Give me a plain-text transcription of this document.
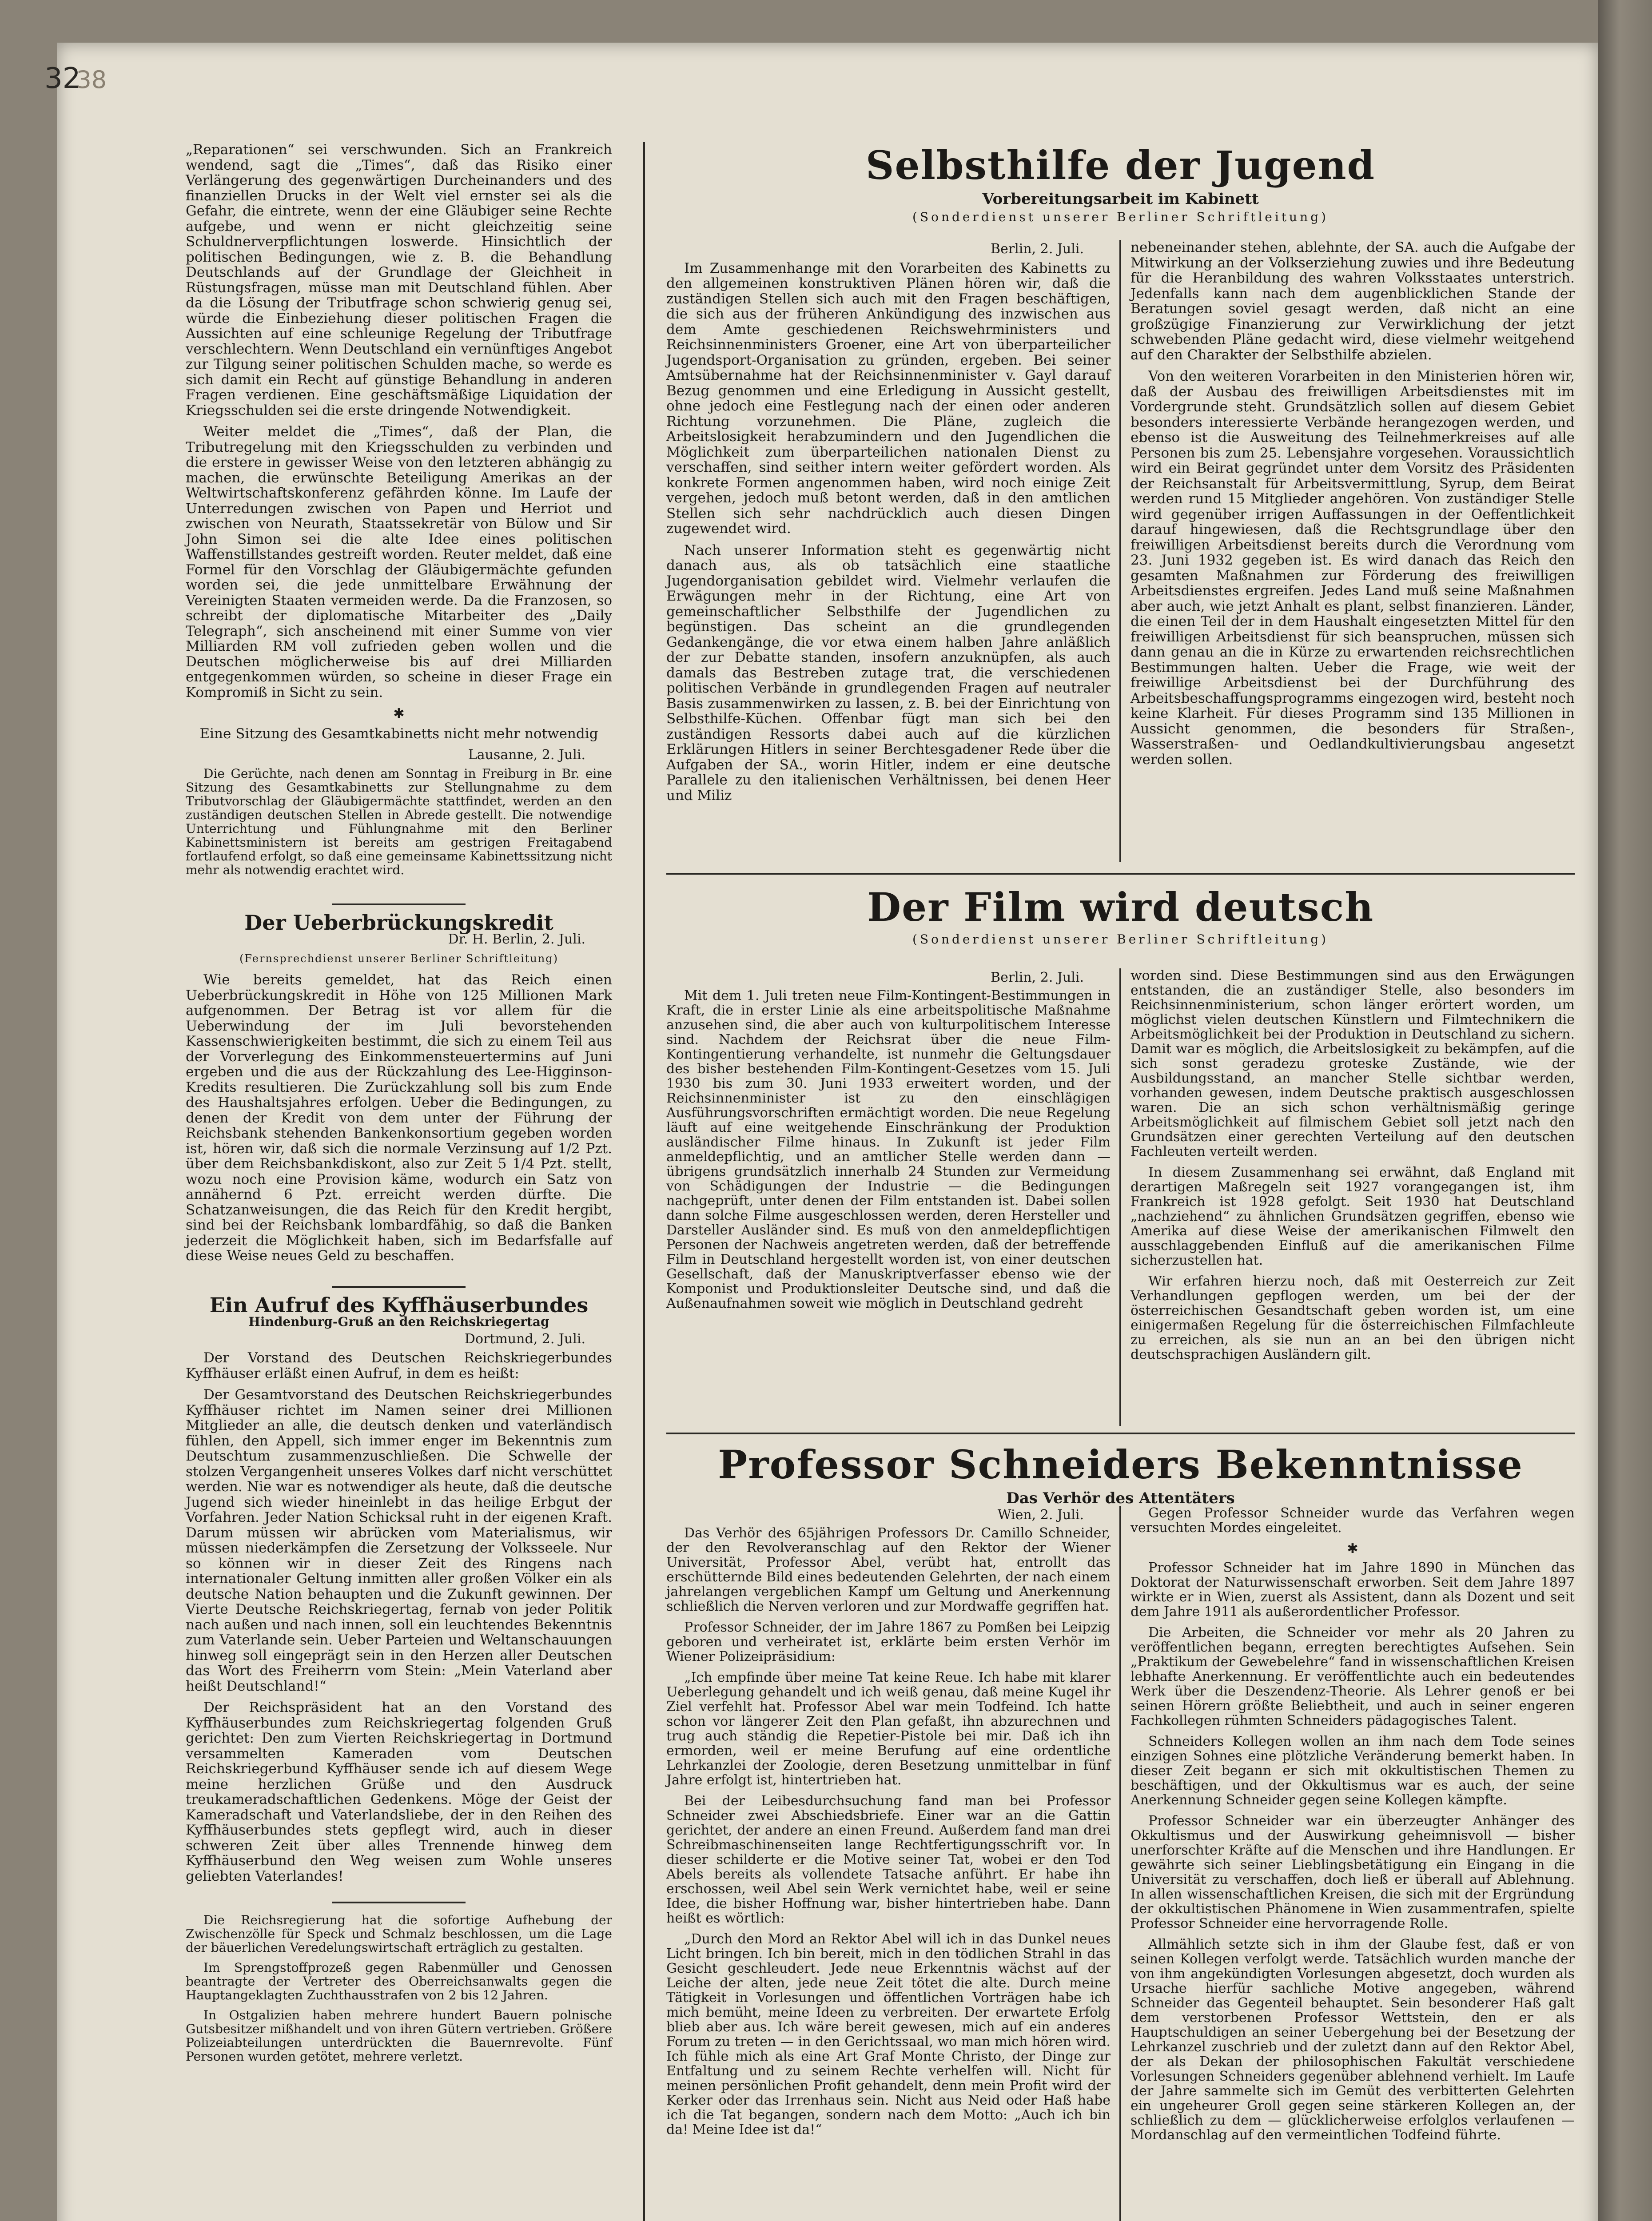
3238

„Reparationen“ sei verschwunden. Sich an Frankreich wendend, sagt die „Times“, daß das Risiko einer Verlängerung des gegenwärtigen Durcheinanders und des finanziellen Drucks in der Welt viel ernster sei als die Gefahr, die eintrete, wenn der eine Gläubiger seine Rechte aufgebe, und wenn er nicht gleichzeitig seine Schuldnerverpflichtungen loswerde. Hinsichtlich der politischen Bedingungen, wie z. B. die Behandlung Deutschlands auf der Grundlage der Gleichheit in Rüstungsfragen, müsse man mit Deutschland fühlen. Aber da die Lösung der Tributfrage schon schwierig genug sei, würde die Einbeziehung dieser politischen Fragen die Aussichten auf eine schleunige Regelung der Tributfrage verschlechtern. Wenn Deutschland ein vernünftiges Angebot zur Tilgung seiner politischen Schulden mache, so werde es sich damit ein Recht auf günstige Behandlung in anderen Fragen verdienen. Eine geschäftsmäßige Liquidation der Kriegsschulden sei die erste dringende Notwendigkeit.

Weiter meldet die „Times“, daß der Plan, die Tributregelung mit den Kriegsschulden zu verbinden und die erstere in gewisser Weise von den letzteren abhängig zu machen, die erwünschte Beteiligung Amerikas an der Weltwirtschaftskonferenz gefährden könne. Im Laufe der Unterredungen zwischen von Papen und Herriot und zwischen von Neurath, Staatssekretär von Bülow und Sir John Simon sei die alte Idee eines politischen Waffenstillstandes gestreift worden. Reuter meldet, daß eine Formel für den Vorschlag der Gläubigermächte gefunden worden sei, die jede unmittelbare Erwähnung der Vereinigten Staaten vermeiden werde. Da die Franzosen, so schreibt der diplomatische Mitarbeiter des „Daily Telegraph“, sich anscheinend mit einer Summe von vier Milliarden RM voll zufrieden geben wollen und die Deutschen möglicherweise bis auf drei Milliarden entgegenkommen würden, so scheine in dieser Frage ein Kompromiß in Sicht zu sein.

✱

Eine Sitzung des Gesamtkabinetts nicht mehr notwendig

Lausanne, 2. Juli.

Die Gerüchte, nach denen am Sonntag in Freiburg in Br. eine Sitzung des Gesamtkabinetts zur Stellungnahme zu dem Tributvorschlag der Gläubigermächte stattfindet, werden an den zuständigen deutschen Stellen in Abrede gestellt. Die notwendige Unterrichtung und Fühlungnahme mit den Berliner Kabinettsministern ist bereits am gestrigen Freitagabend fortlaufend erfolgt, so daß eine gemeinsame Kabinettssitzung nicht mehr als notwendig erachtet wird.

Der Ueberbrückungskredit
Dr. H. Berlin, 2. Juli.
(Fernsprechdienst unserer Berliner Schriftleitung)

Wie bereits gemeldet, hat das Reich einen Ueberbrückungskredit in Höhe von 125 Millionen Mark aufgenommen. Der Betrag ist vor allem für die Ueberwindung der im Juli bevorstehenden Kassenschwierigkeiten bestimmt, die sich zu einem Teil aus der Vorverlegung des Einkommensteuertermins auf Juni ergeben und die aus der Rückzahlung des Lee-Higginson-Kredits resultieren. Die Zurückzahlung soll bis zum Ende des Haushaltsjahres erfolgen. Ueber die Bedingungen, zu denen der Kredit von dem unter der Führung der Reichsbank stehenden Bankenkonsortium gegeben worden ist, hören wir, daß sich die normale Verzinsung auf 1/2 Pzt. über dem Reichsbankdiskont, also zur Zeit 5 1/4 Pzt. stellt, wozu noch eine Provision käme, wodurch ein Satz von annähernd 6 Pzt. erreicht werden dürfte. Die Schatzanweisungen, die das Reich für den Kredit hergibt, sind bei der Reichsbank lombardfähig, so daß die Banken jederzeit die Möglichkeit haben, sich im Bedarfsfalle auf diese Weise neues Geld zu beschaffen.

Ein Aufruf des Kyffhäuserbundes
Hindenburg-Gruß an den Reichskriegertag
Dortmund, 2. Juli.

Der Vorstand des Deutschen Reichskriegerbundes Kyffhäuser erläßt einen Aufruf, in dem es heißt:

Der Gesamtvorstand des Deutschen Reichskriegerbundes Kyffhäuser richtet im Namen seiner drei Millionen Mitglieder an alle, die deutsch denken und vaterländisch fühlen, den Appell, sich immer enger im Bekenntnis zum Deutschtum zusammenzuschließen. Die Schwelle der stolzen Vergangenheit unseres Volkes darf nicht verschüttet werden. Nie war es notwendiger als heute, daß die deutsche Jugend sich wieder hineinlebt in das heilige Erbgut der Vorfahren. Jeder Nation Schicksal ruht in der eigenen Kraft. Darum müssen wir abrücken vom Materialismus, wir müssen niederkämpfen die Zersetzung der Volksseele. Nur so können wir in dieser Zeit des Ringens nach internationaler Geltung inmitten aller großen Völker ein als deutsche Nation behaupten und die Zukunft gewinnen. Der Vierte Deutsche Reichskriegertag, fernab von jeder Politik nach außen und nach innen, soll ein leuchtendes Bekenntnis zum Vaterlande sein. Ueber Parteien und Weltanschauungen hinweg soll eingeprägt sein in den Herzen aller Deutschen das Wort des Freiherrn vom Stein: „Mein Vaterland aber heißt Deutschland!“

Der Reichspräsident hat an den Vorstand des Kyffhäuserbundes zum Reichskriegertag folgenden Gruß gerichtet: Den zum Vierten Reichskriegertag in Dortmund versammelten Kameraden vom Deutschen Reichskriegerbund Kyffhäuser sende ich auf diesem Wege meine herzlichen Grüße und den Ausdruck treukameradschaftlichen Gedenkens. Möge der Geist der Kameradschaft und Vaterlandsliebe, der in den Reihen des Kyffhäuserbundes stets gepflegt wird, auch in dieser schweren Zeit über alles Trennende hinweg dem Kyffhäuserbund den Weg weisen zum Wohle unseres geliebten Vaterlandes!

Die Reichsregierung hat die sofortige Aufhebung der Zwischenzölle für Speck und Schmalz beschlossen, um die Lage der bäuerlichen Veredelungswirtschaft erträglich zu gestalten.

Im Sprengstoffprozeß gegen Rabenmüller und Genossen beantragte der Vertreter des Oberreichsanwalts gegen die Hauptangeklagten Zuchthausstrafen von 2 bis 12 Jahren.

In Ostgalizien haben mehrere hundert Bauern polnische Gutsbesitzer mißhandelt und von ihren Gütern vertrieben. Größere Polizeiabteilungen unterdrückten die Bauernrevolte. Fünf Personen wurden getötet, mehrere verletzt.

Selbsthilfe der Jugend
Vorbereitungsarbeit im Kabinett
(Sonderdienst unserer Berliner Schriftleitung)
Berlin, 2. Juli.

Im Zusammenhange mit den Vorarbeiten des Kabinetts zu den allgemeinen konstruktiven Plänen hören wir, daß die zuständigen Stellen sich auch mit den Fragen beschäftigen, die sich aus der früheren Ankündigung des inzwischen aus dem Amte geschiedenen Reichswehrministers und Reichsinnenministers Groener, eine Art von überparteilicher Jugendsport-Organisation zu gründen, ergeben. Bei seiner Amtsübernahme hat der Reichsinnenminister v. Gayl darauf Bezug genommen und eine Erledigung in Aussicht gestellt, ohne jedoch eine Festlegung nach der einen oder anderen Richtung vorzunehmen. Die Pläne, zugleich die Arbeitslosigkeit herabzumindern und den Jugendlichen die Möglichkeit zum überparteilichen nationalen Dienst zu verschaffen, sind seither intern weiter gefördert worden. Als konkrete Formen angenommen haben, wird noch einige Zeit vergehen, jedoch muß betont werden, daß in den amtlichen Stellen sich sehr nachdrücklich auch diesen Dingen zugewendet wird.

Nach unserer Information steht es gegenwärtig nicht danach aus, als ob tatsächlich eine staatliche Jugendorganisation gebildet wird. Vielmehr verlaufen die Erwägungen mehr in der Richtung, eine Art von gemeinschaftlicher Selbsthilfe der Jugendlichen zu begünstigen. Das scheint an die grundlegenden Gedankengänge, die vor etwa einem halben Jahre anläßlich der zur Debatte standen, insofern anzuknüpfen, als auch damals das Bestreben zutage trat, die verschiedenen politischen Verbände in grundlegenden Fragen auf neutraler Basis zusammenwirken zu lassen, z. B. bei der Einrichtung von Selbsthilfe-Küchen. Offenbar fügt man sich bei den zuständigen Ressorts dabei auch auf die kürzlichen Erklärungen Hitlers in seiner Berchtesgadener Rede über die Aufgaben der SA., worin Hitler, indem er eine deutsche Parallele zu den italienischen Verhältnissen, bei denen Heer und Miliz

nebeneinander stehen, ablehnte, der SA. auch die Aufgabe der Mitwirkung an der Volkserziehung zuwies und ihre Bedeutung für die Heranbildung des wahren Volksstaates unterstrich. Jedenfalls kann nach dem augenblicklichen Stande der Beratungen soviel gesagt werden, daß nicht an eine großzügige Finanzierung zur Verwirklichung der jetzt schwebenden Pläne gedacht wird, diese vielmehr weitgehend auf den Charakter der Selbsthilfe abzielen.

Von den weiteren Vorarbeiten in den Ministerien hören wir, daß der Ausbau des freiwilligen Arbeitsdienstes mit im Vordergrunde steht. Grundsätzlich sollen auf diesem Gebiet besonders interessierte Verbände herangezogen werden, und ebenso ist die Ausweitung des Teilnehmerkreises auf alle Personen bis zum 25. Lebensjahre vorgesehen. Voraussichtlich wird ein Beirat gegründet unter dem Vorsitz des Präsidenten der Reichsanstalt für Arbeitsvermittlung, Syrup, dem Beirat werden rund 15 Mitglieder angehören. Von zuständiger Stelle wird gegenüber irrigen Auffassungen in der Oeffentlichkeit darauf hingewiesen, daß die Rechtsgrundlage über den freiwilligen Arbeitsdienst bereits durch die Verordnung vom 23. Juni 1932 gegeben ist. Es wird danach das Reich den gesamten Maßnahmen zur Förderung des freiwilligen Arbeitsdienstes ergreifen. Jedes Land muß seine Maßnahmen aber auch, wie jetzt Anhalt es plant, selbst finanzieren. Länder, die einen Teil der in dem Haushalt eingesetzten Mittel für den freiwilligen Arbeitsdienst für sich beanspruchen, müssen sich dann genau an die in Kürze zu erwartenden reichsrechtlichen Bestimmungen halten. Ueber die Frage, wie weit der freiwillige Arbeitsdienst bei der Durchführung des Arbeitsbeschaffungsprogramms eingezogen wird, besteht noch keine Klarheit. Für dieses Programm sind 135 Millionen in Aussicht genommen, die besonders für Straßen-, Wasserstraßen- und Oedlandkultivierungsbau angesetzt werden sollen.

Der Film wird deutsch
(Sonderdienst unserer Berliner Schriftleitung)
Berlin, 2. Juli.

Mit dem 1. Juli treten neue Film-Kontingent-Bestimmungen in Kraft, die in erster Linie als eine arbeitspolitische Maßnahme anzusehen sind, die aber auch von kulturpolitischem Interesse sind. Nachdem der Reichsrat über die neue Film-Kontingentierung verhandelte, ist nunmehr die Geltungsdauer des bisher bestehenden Film-Kontingent-Gesetzes vom 15. Juli 1930 bis zum 30. Juni 1933 erweitert worden, und der Reichsinnenminister ist zu den einschlägigen Ausführungsvorschriften ermächtigt worden. Die neue Regelung läuft auf eine weitgehende Einschränkung der Produktion ausländischer Filme hinaus. In Zukunft ist jeder Film anmeldepflichtig, und an amtlicher Stelle werden dann — übrigens grundsätzlich innerhalb 24 Stunden zur Vermeidung von Schädigungen der Industrie — die Bedingungen nachgeprüft, unter denen der Film entstanden ist. Dabei sollen dann solche Filme ausgeschlossen werden, deren Hersteller und Darsteller Ausländer sind. Es muß von den anmeldepflichtigen Personen der Nachweis angetreten werden, daß der betreffende Film in Deutschland hergestellt worden ist, von einer deutschen Gesellschaft, daß der Manuskriptverfasser ebenso wie der Komponist und Produktionsleiter Deutsche sind, und daß die Außenaufnahmen soweit wie möglich in Deutschland gedreht

worden sind. Diese Bestimmungen sind aus den Erwägungen entstanden, die an zuständiger Stelle, also besonders im Reichsinnenministerium, schon länger erörtert worden, um möglichst vielen deutschen Künstlern und Filmtechnikern die Arbeitsmöglichkeit bei der Produktion in Deutschland zu sichern. Damit war es möglich, die Arbeitslosigkeit zu bekämpfen, auf die sich sonst geradezu groteske Zustände, wie der Ausbildungsstand, an mancher Stelle sichtbar werden, vorhanden gewesen, indem Deutsche praktisch ausgeschlossen waren. Die an sich schon verhältnismäßig geringe Arbeitsmöglichkeit auf filmischem Gebiet soll jetzt nach den Grundsätzen einer gerechten Verteilung auf den deutschen Fachleuten verteilt werden.

In diesem Zusammenhang sei erwähnt, daß England mit derartigen Maßregeln seit 1927 vorangegangen ist, ihm Frankreich ist 1928 gefolgt. Seit 1930 hat Deutschland „nachziehend“ zu ähnlichen Grundsätzen gegriffen, ebenso wie Amerika auf diese Weise der amerikanischen Filmwelt den ausschlaggebenden Einfluß auf die amerikanischen Filme sicherzustellen hat.

Wir erfahren hierzu noch, daß mit Oesterreich zur Zeit Verhandlungen gepflogen werden, um bei der der österreichischen Gesandtschaft geben worden ist, um eine einigermaßen Regelung für die österreichischen Filmfachleute zu erreichen, als sie nun an an bei den übrigen nicht deutschsprachigen Ausländern gilt.

Professor Schneiders Bekenntnisse
Das Verhör des Attentäters
Wien, 2. Juli.

Das Verhör des 65jährigen Professors Dr. Camillo Schneider, der den Revolveranschlag auf den Rektor der Wiener Universität, Professor Abel, verübt hat, entrollt das erschütternde Bild eines bedeutenden Gelehrten, der nach einem jahrelangen vergeblichen Kampf um Geltung und Anerkennung schließlich die Nerven verloren und zur Mordwaffe gegriffen hat.

Professor Schneider, der im Jahre 1867 zu Pomßen bei Leipzig geboren und verheiratet ist, erklärte beim ersten Verhör im Wiener Polizeipräsidium:

„Ich empfinde über meine Tat keine Reue. Ich habe mit klarer Ueberlegung gehandelt und ich weiß genau, daß meine Kugel ihr Ziel verfehlt hat. Professor Abel war mein Todfeind. Ich hatte schon vor längerer Zeit den Plan gefaßt, ihn abzurechnen und trug auch ständig die Repetier-Pistole bei mir. Daß ich ihn ermorden, weil er meine Berufung auf eine ordentliche Lehrkanzlei der Zoologie, deren Besetzung unmittelbar in fünf Jahre erfolgt ist, hintertrieben hat.

Bei der Leibesdurchsuchung fand man bei Professor Schneider zwei Abschiedsbriefe. Einer war an die Gattin gerichtet, der andere an einen Freund. Außerdem fand man drei Schreibmaschinenseiten lange Rechtfertigungsschrift vor. In dieser schilderte er die Motive seiner Tat, wobei er den Tod Abels bereits als vollendete Tatsache anführt. Er habe ihn erschossen, weil Abel sein Werk vernichtet habe, weil er seine Idee, die bisher Hoffnung war, bisher hintertrieben habe. Dann heißt es wörtlich:

„Durch den Mord an Rektor Abel will ich in das Dunkel neues Licht bringen. Ich bin bereit, mich in den tödlichen Strahl in das Gesicht geschleudert. Jede neue Erkenntnis wächst auf der Leiche der alten, jede neue Zeit tötet die alte. Durch meine Tätigkeit in Vorlesungen und öffentlichen Vorträgen habe ich mich bemüht, meine Ideen zu verbreiten. Der erwartete Erfolg blieb aber aus. Ich wäre bereit gewesen, mich auf ein anderes Forum zu treten — in den Gerichtssaal, wo man mich hören wird. Ich fühle mich als eine Art Graf Monte Christo, der Dinge zur Entfaltung und zu seinem Rechte verhelfen will. Nicht für meinen persönlichen Profit gehandelt, denn mein Profit wird der Kerker oder das Irrenhaus sein. Nicht aus Neid oder Haß habe ich die Tat begangen, sondern nach dem Motto: „Auch ich bin da! Meine Idee ist da!“

Gegen Professor Schneider wurde das Verfahren wegen versuchten Mordes eingeleitet.

✱

Professor Schneider hat im Jahre 1890 in München das Doktorat der Naturwissenschaft erworben. Seit dem Jahre 1897 wirkte er in Wien, zuerst als Assistent, dann als Dozent und seit dem Jahre 1911 als außerordentlicher Professor.

Die Arbeiten, die Schneider vor mehr als 20 Jahren zu veröffentlichen begann, erregten berechtigtes Aufsehen. Sein „Praktikum der Gewebelehre“ fand in wissenschaftlichen Kreisen lebhafte Anerkennung. Er veröffentlichte auch ein bedeutendes Werk über die Deszendenz-Theorie. Als Lehrer genoß er bei seinen Hörern größte Beliebtheit, und auch in seiner engeren Fachkollegen rühmten Schneiders pädagogisches Talent.

Schneiders Kollegen wollen an ihm nach dem Tode seines einzigen Sohnes eine plötzliche Veränderung bemerkt haben. In dieser Zeit begann er sich mit okkultistischen Themen zu beschäftigen, und der Okkultismus war es auch, der seine Anerkennung Schneider gegen seine Kollegen kämpfte.

Professor Schneider war ein überzeugter Anhänger des Okkultismus und der Auswirkung geheimnisvoll — bisher unerforschter Kräfte auf die Menschen und ihre Handlungen. Er gewährte sich seiner Lieblingsbetätigung ein Eingang in die Universität zu verschaffen, doch ließ er überall auf Ablehnung. In allen wissenschaftlichen Kreisen, die sich mit der Ergründung der okkultistischen Phänomene in Wien zusammentrafen, spielte Professor Schneider eine hervorragende Rolle.

Allmählich setzte sich in ihm der Glaube fest, daß er von seinen Kollegen verfolgt werde. Tatsächlich wurden manche der von ihm angekündigten Vorlesungen abgesetzt, doch wurden als Ursache hierfür sachliche Motive angegeben, während Schneider das Gegenteil behauptet. Sein besonderer Haß galt dem verstorbenen Professor Wettstein, den er als Hauptschuldigen an seiner Uebergehung bei der Besetzung der Lehrkanzel zuschrieb und der zuletzt dann auf den Rektor Abel, der als Dekan der philosophischen Fakultät verschiedene Vorlesungen Schneiders gegenüber ablehnend verhielt. Im Laufe der Jahre sammelte sich im Gemüt des verbitterten Gelehrten ein ungeheurer Groll gegen seine stärkeren Kollegen an, der schließlich zu dem — glücklicherweise erfolglos verlaufenen — Mordanschlag auf den vermeintlichen Todfeind führte.
